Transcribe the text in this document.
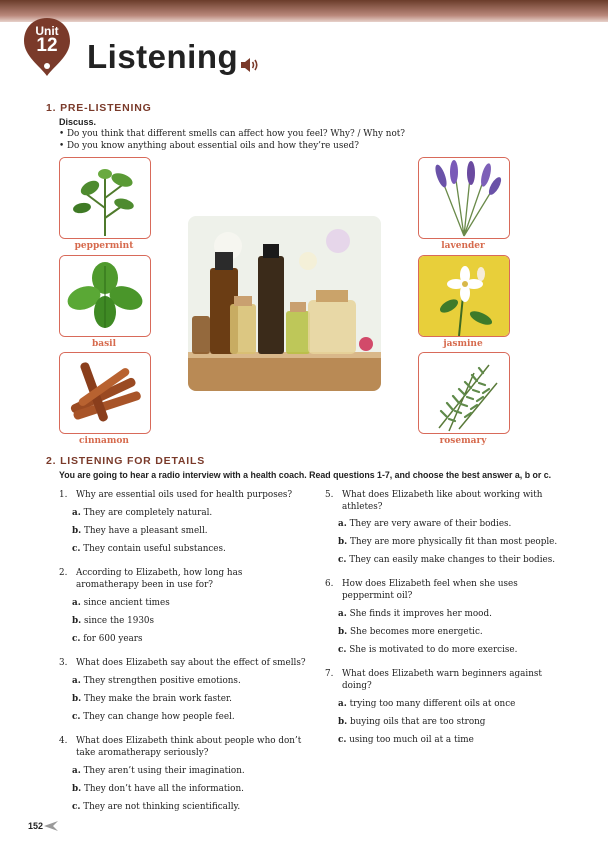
Unit
12 Listening
1. PRE-LISTENING
Discuss.
• Do you think that different smells can affect how you feel? Why? / Why not?
• Do you know anything about essential oils and how they’re used?
peppermint
basil
cinnamon
lavender
jasmine
rosemary
2. LISTENING FOR DETAILS
You are going to hear a radio interview with a health coach. Read questions 1-7, and choose the best answer a, b or c.
1. Why are essential oils used for health purposes?
a. They are completely natural.
b. They have a pleasant smell.
c. They contain useful substances.
2. According to Elizabeth, how long has aromatherapy been in use for?
a. since ancient times
b. since the 1930s
c. for 600 years
3. What does Elizabeth say about the effect of smells?
a. They strengthen positive emotions.
b. They make the brain work faster.
c. They can change how people feel.
4. What does Elizabeth think about people who don’t take aromatherapy seriously?
a. They aren’t using their imagination.
b. They don’t have all the information.
c. They are not thinking scientifically.
5. What does Elizabeth like about working with athletes?
a. They are very aware of their bodies.
b. They are more physically fit than most people.
c. They can easily make changes to their bodies.
6. How does Elizabeth feel when she uses peppermint oil?
a. She finds it improves her mood.
b. She becomes more energetic.
c. She is motivated to do more exercise.
7. What does Elizabeth warn beginners against doing?
a. trying too many different oils at once
b. buying oils that are too strong
c. using too much oil at a time
152
